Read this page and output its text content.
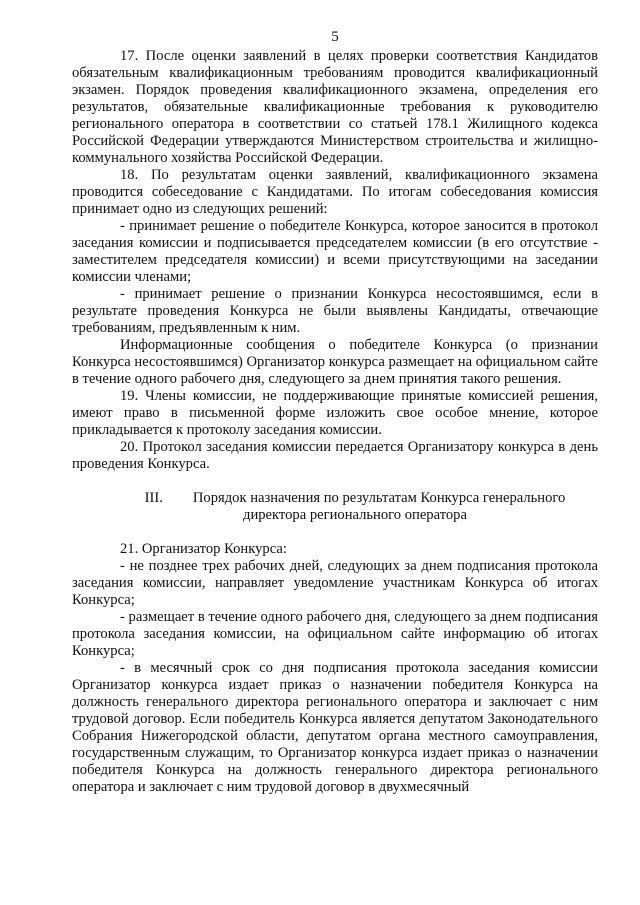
5

17. После оценки заявлений в целях проверки соответствия Кандидатов обязательным квалификационным требованиям проводится квалификационный экзамен. Порядок проведения квалификационного экзамена, определения его результатов, обязательные квалификационные требования к руководителю регионального оператора в соответствии со статьей 178.1 Жилищного кодекса Российской Федерации утверждаются Министерством строительства и жилищно-коммунального хозяйства Российской Федерации.

18. По результатам оценки заявлений, квалификационного экзамена проводится собеседование с Кандидатами. По итогам собеседования комиссия принимает одно из следующих решений:

- принимает решение о победителе Конкурса, которое заносится в протокол заседания комиссии и подписывается председателем комиссии (в его отсутствие - заместителем председателя комиссии) и всеми присутствующими на заседании комиссии членами;

- принимает решение о признании Конкурса несостоявшимся, если в результате проведения Конкурса не были выявлены Кандидаты, отвечающие требованиям, предъявленным к ним.

Информационные сообщения о победителе Конкурса (о признании Конкурса несостоявшимся) Организатор конкурса размещает на официальном сайте в течение одного рабочего дня, следующего за днем принятия такого решения.

19. Члены комиссии, не поддерживающие принятые комиссией решения, имеют право в письменной форме изложить свое особое мнение, которое прикладывается к протоколу заседания комиссии.

20. Протокол заседания комиссии передается Организатору конкурса в день проведения Конкурса.

III. Порядок назначения по результатам Конкурса генерального
директора регионального оператора

21. Организатор Конкурса:

- не позднее трех рабочих дней, следующих за днем подписания протокола заседания комиссии, направляет уведомление участникам Конкурса об итогах Конкурса;

- размещает в течение одного рабочего дня, следующего за днем подписания протокола заседания комиссии, на официальном сайте информацию об итогах Конкурса;

- в месячный срок со дня подписания протокола заседания комиссии Организатор конкурса издает приказ о назначении победителя Конкурса на должность генерального директора регионального оператора и заключает с ним трудовой договор. Если победитель Конкурса является депутатом Законодательного Собрания Нижегородской области, депутатом органа местного самоуправления, государственным служащим, то Организатор конкурса издает приказ о назначении победителя Конкурса на должность генерального директора регионального оператора и заключает с ним трудовой договор в двухмесячный
